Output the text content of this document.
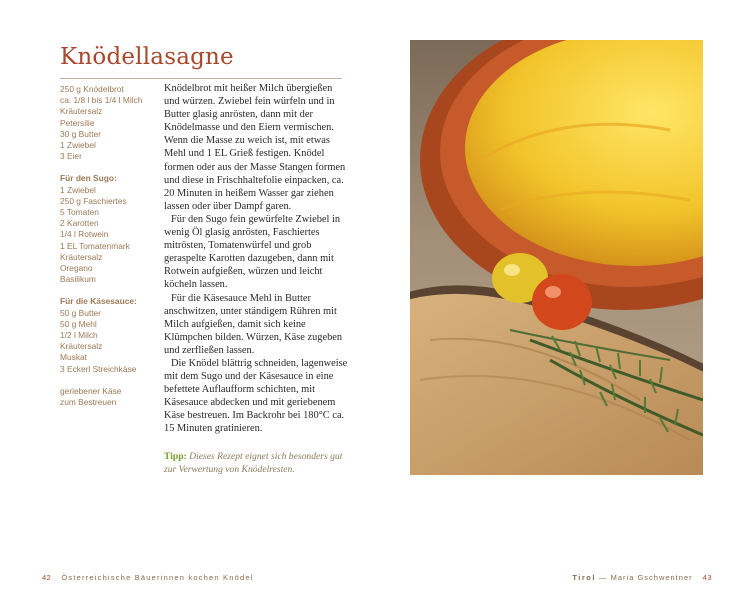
Knödellasagne
250 g Knödelbrot
ca. 1/8 l bis 1/4 l Milch
Kräutersalz
Petersilie
30 g Butter
1 Zwiebel
3 Eier
Für den Sugo:
1 Zwiebel
250 g Faschiertes
5 Tomaten
2 Karotten
1/4 l Rotwein
1 EL Tomatenmark
Kräutersalz
Oregano
Basilikum
Für die Käsesauce:
50 g Butter
50 g Mehl
1/2 l Milch
Kräutersalz
Muskat
3 Eckerl Streichkäse
geriebener Käse
zum Bestreuen

Knödelbrot mit heißer Milch übergießen und würzen. Zwiebel fein würfeln und in Butter glasig anrösten, dann mit der Knödelmasse und den Eiern vermischen. Wenn die Masse zu weich ist, mit etwas Mehl und 1 EL Grieß festigen. Knödel formen oder aus der Masse Stangen formen und diese in Frischhaltefolie einpacken, ca. 20 Minuten in heißem Wasser gar ziehen lassen oder über Dampf garen.

Für den Sugo fein gewürfelte Zwiebel in wenig Öl glasig anrösten, Faschiertes mitrösten, Tomatenwürfel und grob geraspelte Karotten dazugeben, dann mit Rotwein aufgießen, würzen und leicht köcheln lassen.

Für die Käsesauce Mehl in Butter anschwitzen, unter ständigem Rühren mit Milch aufgießen, damit sich keine Klümpchen bilden. Würzen, Käse zugeben und zerfließen lassen.

Die Knödel blättrig schneiden, lagenweise mit dem Sugo und der Käsesauce in eine befettete Auflaufform schichten, mit Käsesauce abdecken und mit geriebenem Käse bestreuen. Im Backrohr bei 180°C ca. 15 Minuten gratinieren.

Tipp: Dieses Rezept eignet sich besonders gut zur Verwertung von Knödelresten.
42 Österreichische Bäuerinnen kochen Knödel	Tirol — Maria Gschwentner 43
